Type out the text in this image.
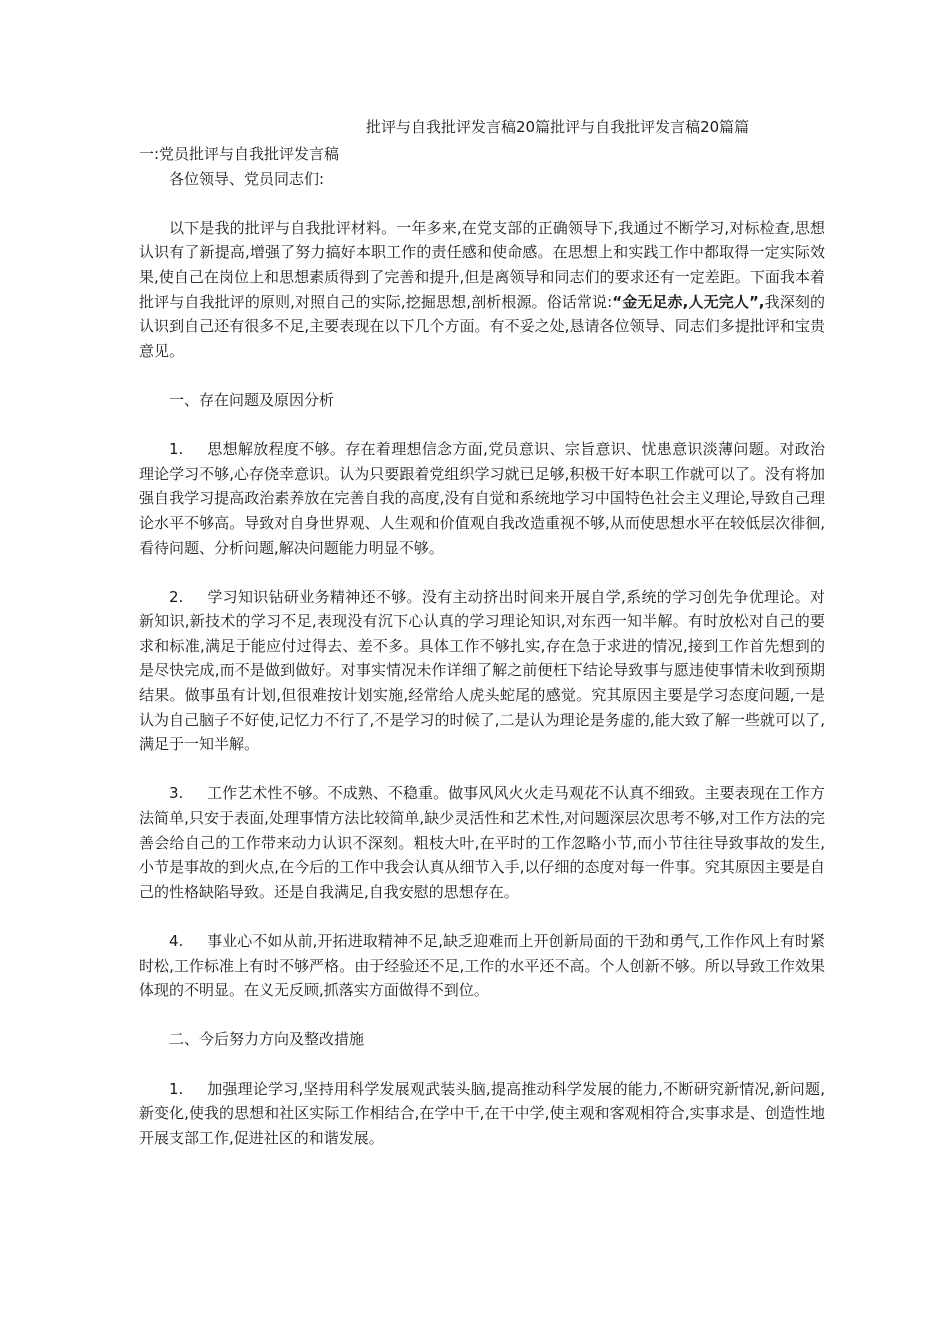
批评与自我批评发言稿20篇批评与自我批评发言稿20篇篇

一:党员批评与自我批评发言稿

各位领导、党员同志们:

以下是我的批评与自我批评材料。一年多来,在党支部的正确领导下,我通过不断学习,对标检查,思想认识有了新提高,增强了努力搞好本职工作的责任感和使命感。在思想上和实践工作中都取得一定实际效果,使自己在岗位上和思想素质得到了完善和提升,但是离领导和同志们的要求还有一定差距。下面我本着批评与自我批评的原则,对照自己的实际,挖掘思想,剖析根源。俗话常说:“金无足赤,人无完人”,我深刻的认识到自己还有很多不足,主要表现在以下几个方面。有不妥之处,恳请各位领导、同志们多提批评和宝贵意见。

一、存在问题及原因分析

1. 思想解放程度不够。存在着理想信念方面,党员意识、宗旨意识、忧患意识淡薄问题。对政治理论学习不够,心存侥幸意识。认为只要跟着党组织学习就已足够,积极干好本职工作就可以了。没有将加强自我学习提高政治素养放在完善自我的高度,没有自觉和系统地学习中国特色社会主义理论,导致自己理论水平不够高。导致对自身世界观、人生观和价值观自我改造重视不够,从而使思想水平在较低层次徘徊,看待问题、分析问题,解决问题能力明显不够。

2. 学习知识钻研业务精神还不够。没有主动挤出时间来开展自学,系统的学习创先争优理论。对新知识,新技术的学习不足,表现没有沉下心认真的学习理论知识,对东西一知半解。有时放松对自己的要求和标准,满足于能应付过得去、差不多。具体工作不够扎实,存在急于求进的情况,接到工作首先想到的是尽快完成,而不是做到做好。对事实情况未作详细了解之前便枉下结论导致事与愿违使事情未收到预期结果。做事虽有计划,但很难按计划实施,经常给人虎头蛇尾的感觉。究其原因主要是学习态度问题,一是认为自己脑子不好使,记忆力不行了,不是学习的时候了,二是认为理论是务虚的,能大致了解一些就可以了,满足于一知半解。

3. 工作艺术性不够。不成熟、不稳重。做事风风火火走马观花不认真不细致。主要表现在工作方法简单,只安于表面,处理事情方法比较简单,缺少灵活性和艺术性,对问题深层次思考不够,对工作方法的完善会给自己的工作带来动力认识不深刻。粗枝大叶,在平时的工作忽略小节,而小节往往导致事故的发生,小节是事故的到火点,在今后的工作中我会认真从细节入手,以仔细的态度对每一件事。究其原因主要是自己的性格缺陷导致。还是自我满足,自我安慰的思想存在。

4. 事业心不如从前,开拓进取精神不足,缺乏迎难而上开创新局面的干劲和勇气,工作作风上有时紧时松,工作标准上有时不够严格。由于经验还不足,工作的水平还不高。个人创新不够。所以导致工作效果体现的不明显。在义无反顾,抓落实方面做得不到位。

二、今后努力方向及整改措施

1. 加强理论学习,坚持用科学发展观武装头脑,提高推动科学发展的能力,不断研究新情况,新问题,新变化,使我的思想和社区实际工作相结合,在学中干,在干中学,使主观和客观相符合,实事求是、创造性地开展支部工作,促进社区的和谐发展。
